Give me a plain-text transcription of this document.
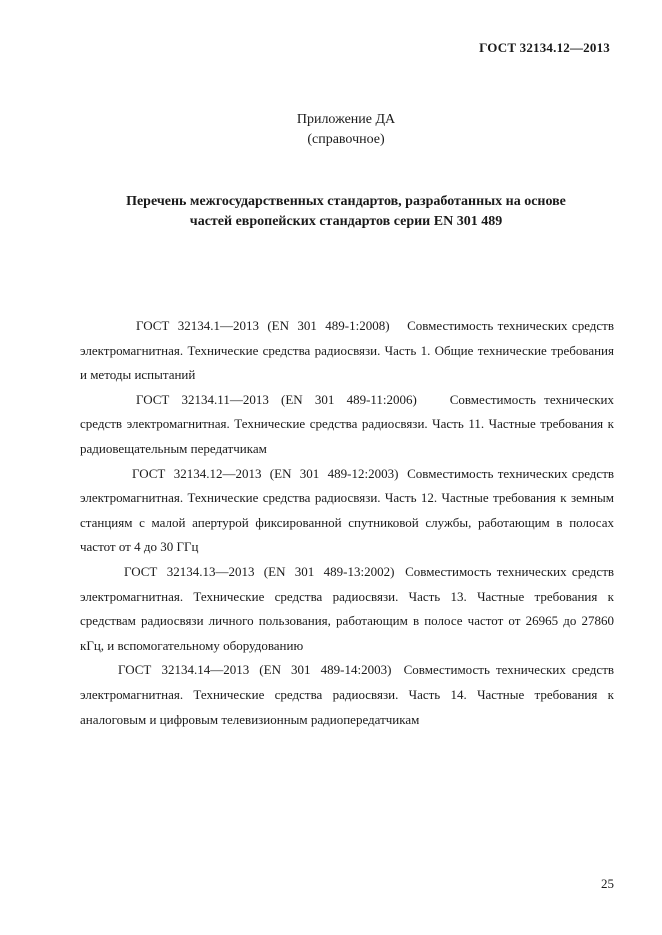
ГОСТ 32134.12—2013
Приложение ДА
(справочное)
Перечень межгосударственных стандартов, разработанных на основе
частей европейских стандартов серии EN 301 489

ГОСТ 32134.1—2013 (EN 301 489-1:2008) Совместимость технических средств электромагнитная. Технические средства радиосвязи. Часть 1. Общие технические требования и методы испытаний

ГОСТ 32134.11—2013 (EN 301 489-11:2006)	Совместимость технических средств электромагнитная. Технические средства радиосвязи. Часть 11. Частные требования к радиовещательным передатчикам

ГОСТ 32134.12—2013 (EN 301 489-12:2003) Совместимость технических средств электромагнитная. Технические средства радиосвязи. Часть 12. Частные требования к земным станциям с малой апертурой фиксированной спутниковой службы, работающим в полосах частот от 4 до 30 ГГц

ГОСТ 32134.13—2013 (EN 301 489-13:2002) Совместимость технических средств электромагнитная. Технические средства радиосвязи. Часть 13. Частные требования к средствам радиосвязи личного пользования, работающим в полосе частот от 26965 до 27860 кГц, и вспомогательному оборудованию

ГОСТ 32134.14—2013 (EN 301 489-14:2003) Совместимость технических средств электромагнитная. Технические средства радиосвязи. Часть 14. Частные требования к аналоговым и цифровым телевизионным радиопередатчикам

25
